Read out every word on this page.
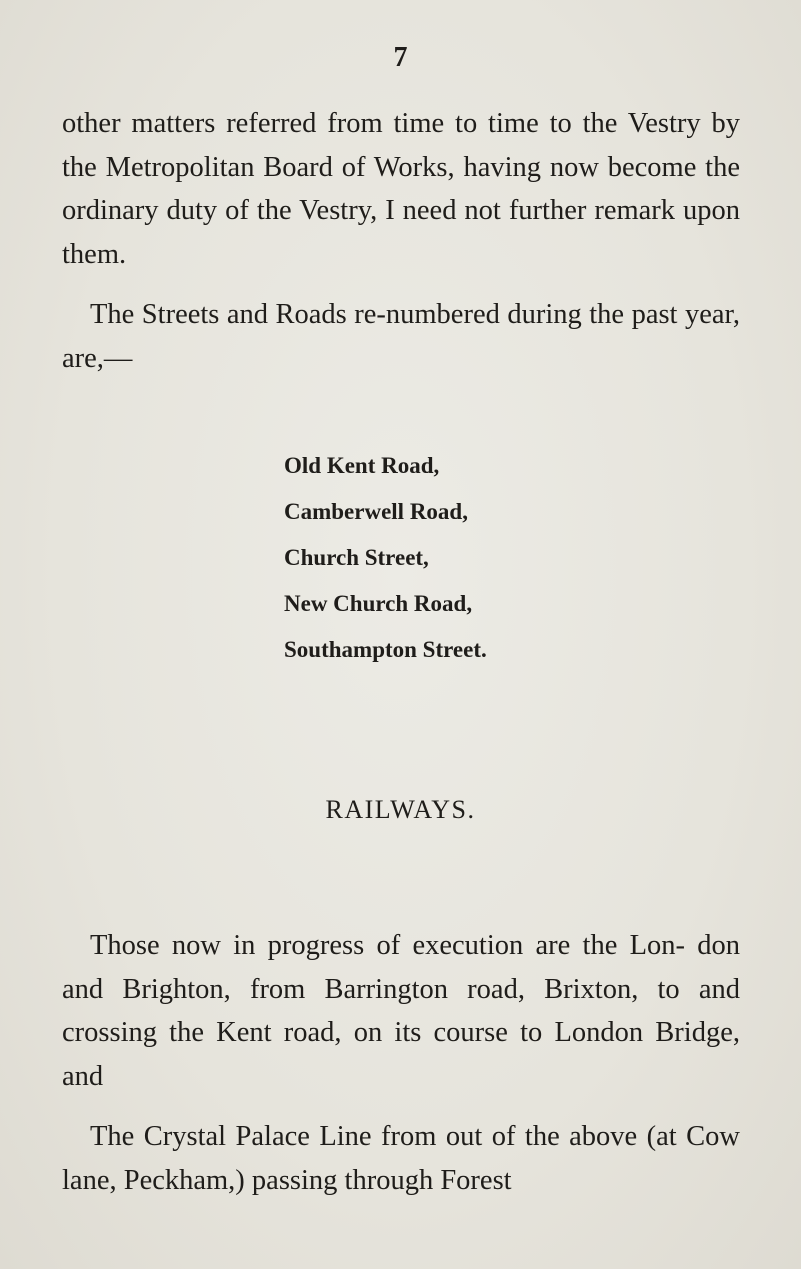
7

other matters referred from time to time to the Vestry by the Metropolitan Board of Works, having now become the ordinary duty of the Vestry, I need not further remark upon them.

The Streets and Roads re-numbered during the past year, are,—

Old Kent Road,
Camberwell Road,
Church Street,
New Church Road,
Southampton Street.
RAILWAYS.

Those now in progress of execution are the Lon- don and Brighton, from Barrington road, Brixton, to and crossing the Kent road, on its course to London Bridge, and

The Crystal Palace Line from out of the above (at Cow lane, Peckham,) passing through Forest
